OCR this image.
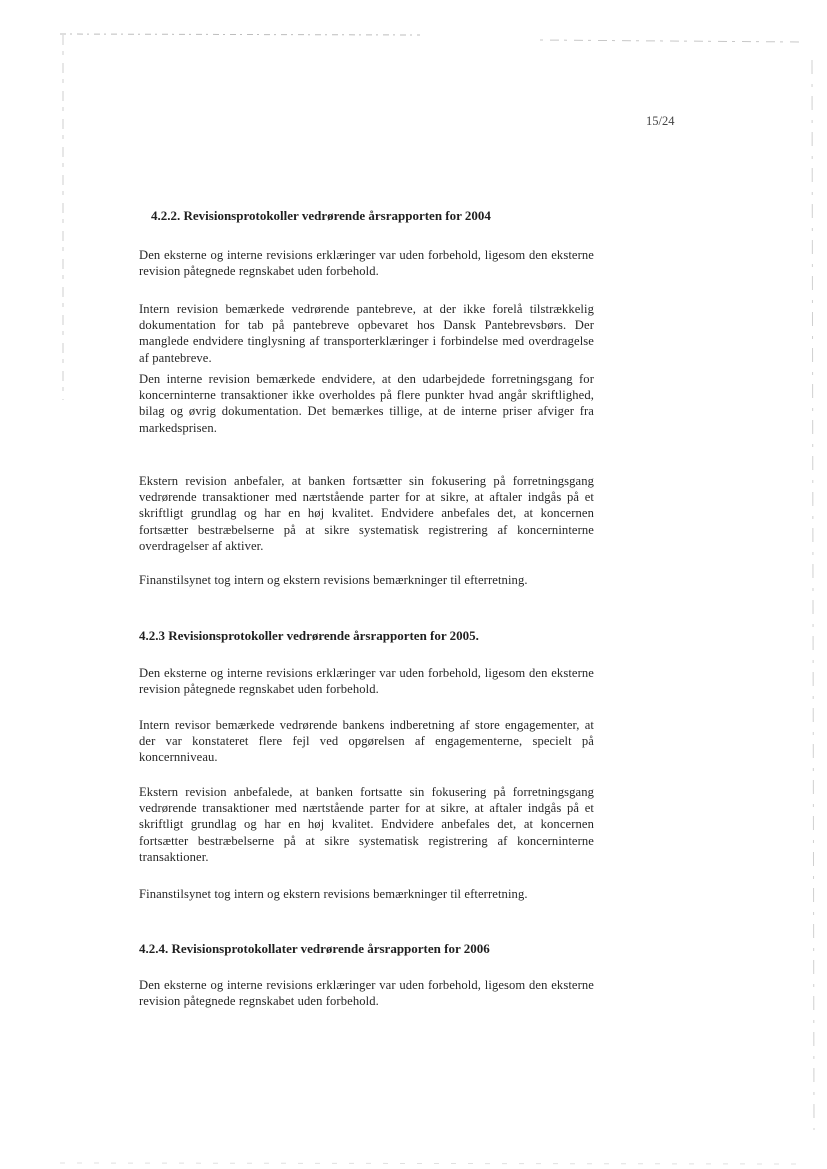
15/24
4.2.2. Revisionsprotokoller vedrørende årsrapporten for 2004

Den eksterne og interne revisions erklæringer var uden forbehold, ligesom den eksterne revision påtegnede regnskabet uden forbehold.

Intern revision bemærkede vedrørende pantebreve, at der ikke forelå tilstrækkelig dokumentation for tab på pantebreve opbevaret hos Dansk Pantebrevsbørs. Der manglede endvidere tinglysning af transporterklæringer i forbindelse med overdragelse af pantebreve.

Den interne revision bemærkede endvidere, at den udarbejdede forretningsgang for koncerninterne transaktioner ikke overholdes på flere punkter hvad angår skriftlighed, bilag og øvrig dokumentation. Det bemærkes tillige, at de interne priser afviger fra markedsprisen.

Ekstern revision anbefaler, at banken fortsætter sin fokusering på forretningsgang vedrørende transaktioner med nærtstående parter for at sikre, at aftaler indgås på et skriftligt grundlag og har en høj kvalitet. Endvidere anbefales det, at koncernen fortsætter bestræbelserne på at sikre systematisk registrering af koncerninterne overdragelser af aktiver.

Finanstilsynet tog intern og ekstern revisions bemærkninger til efterretning.

4.2.3 Revisionsprotokoller vedrørende årsrapporten for 2005.

Den eksterne og interne revisions erklæringer var uden forbehold, ligesom den eksterne revision påtegnede regnskabet uden forbehold.

Intern revisor bemærkede vedrørende bankens indberetning af store engagementer, at der var konstateret flere fejl ved opgørelsen af engagementerne, specielt på koncernniveau.

Ekstern revision anbefalede, at banken fortsatte sin fokusering på forretningsgang vedrørende transaktioner med nærtstående parter for at sikre, at aftaler indgås på et skriftligt grundlag og har en høj kvalitet. Endvidere anbefales det, at koncernen fortsætter bestræbelserne på at sikre systematisk registrering af koncerninterne transaktioner.

Finanstilsynet tog intern og ekstern revisions bemærkninger til efterretning.

4.2.4. Revisionsprotokollater vedrørende årsrapporten for 2006

Den eksterne og interne revisions erklæringer var uden forbehold, ligesom den eksterne revision påtegnede regnskabet uden forbehold.
